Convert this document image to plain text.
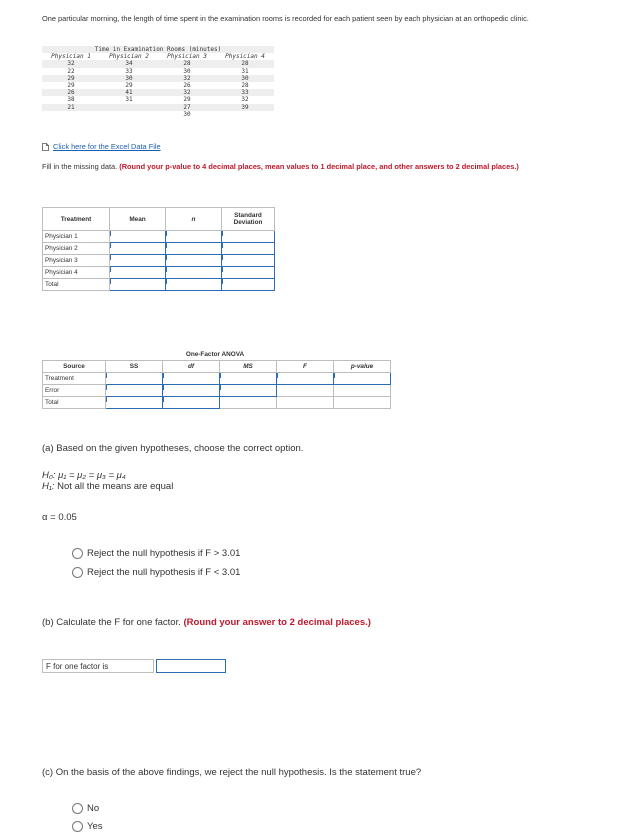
One particular morning, the length of time spent in the examination rooms is recorded for each patient seen by each physician at an orthopedic clinic.
Time in Examination Rooms (minutes)			
Physician 1	Physician 2	Physician 3	Physician 4
32	34	28	28
22	33	30	31
29	30	32	30
29	29	26	28
26	41	32	33
38	31	29	32
21		27	39
		30	
Click here for the Excel Data File
Fill in the missing data. (Round your p-value to 4 decimal places, mean values to 1 decimal place, and other answers to 2 decimal places.)
Treatment	Mean	n	Standard Deviation
Physician 1			
Physician 2			
Physician 3			
Physician 4			
Total			
One-Factor ANOVA
Source	SS	df	MS	F	p-value
Treatment					
Error					
Total					
(a) Based on the given hypotheses, choose the correct option.
H₀: μ₁ = μ₂ = μ₃ = μ₄
H₁: Not all the means are equal
α = 0.05
Reject the null hypothesis if F > 3.01
Reject the null hypothesis if F < 3.01
(b) Calculate the F for one factor. (Round your answer to 2 decimal places.)
F for one factor is
(c) On the basis of the above findings, we reject the null hypothesis. Is the statement true?
No
Yes
